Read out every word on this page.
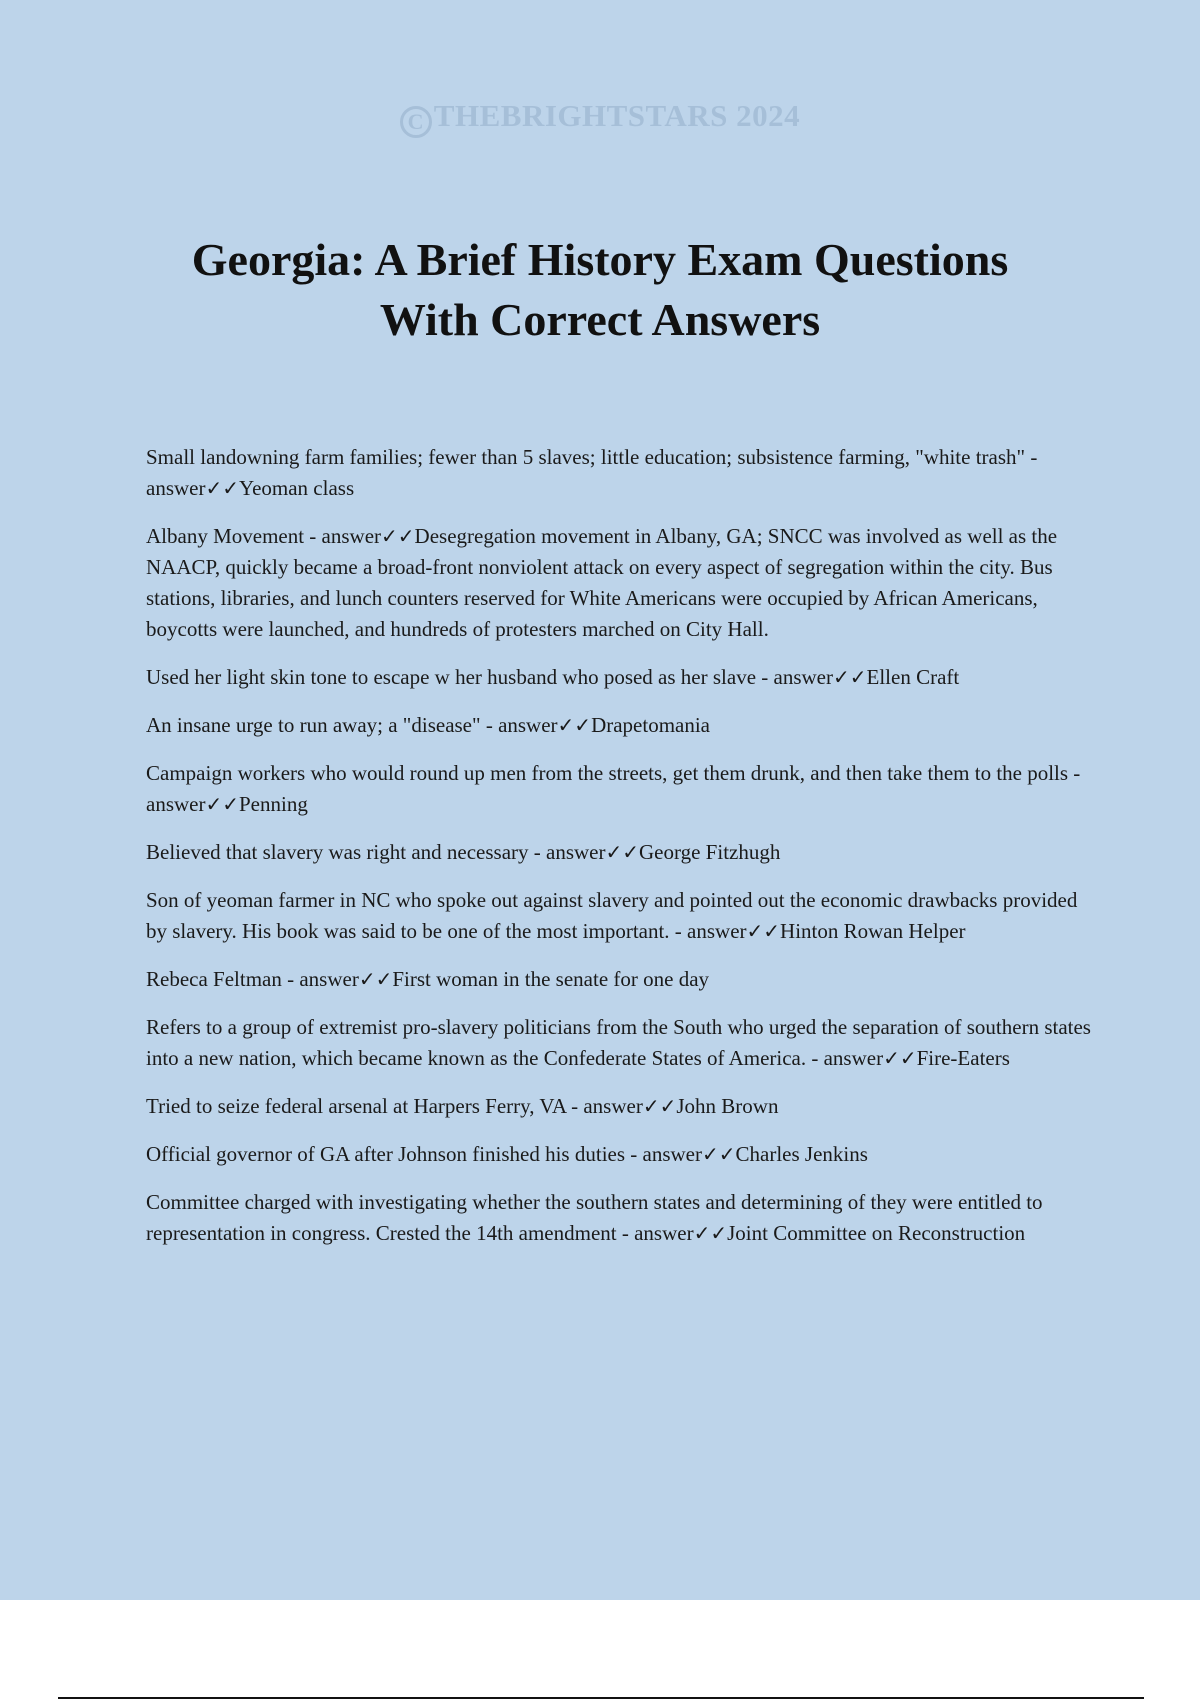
C THEBRIGHTSTARS 2024
Georgia: A Brief History Exam Questions
With Correct Answers
Small landowning farm families; fewer than 5 slaves; little education; subsistence farming, "white trash" - answer✓✓Yeoman class
Albany Movement - answer✓✓Desegregation movement in Albany, GA; SNCC was involved as well as the NAACP, quickly became a broad-front nonviolent attack on every aspect of segregation within the city. Bus stations, libraries, and lunch counters reserved for White Americans were occupied by African Americans, boycotts were launched, and hundreds of protesters marched on City Hall.
Used her light skin tone to escape w her husband who posed as her slave - answer✓✓Ellen Craft
An insane urge to run away; a "disease" - answer✓✓Drapetomania
Campaign workers who would round up men from the streets, get them drunk, and then take them to the polls - answer✓✓Penning
Believed that slavery was right and necessary - answer✓✓George Fitzhugh
Son of yeoman farmer in NC who spoke out against slavery and pointed out the economic drawbacks provided by slavery. His book was said to be one of the most important. - answer✓✓Hinton Rowan Helper
Rebeca Feltman - answer✓✓First woman in the senate for one day
Refers to a group of extremist pro-slavery politicians from the South who urged the separation of southern states into a new nation, which became known as the Confederate States of America. - answer✓✓Fire-Eaters
Tried to seize federal arsenal at Harpers Ferry, VA - answer✓✓John Brown
Official governor of GA after Johnson finished his duties - answer✓✓Charles Jenkins
Committee charged with investigating whether the southern states and determining of they were entitled to representation in congress. Crested the 14th amendment - answer✓✓Joint Committee on Reconstruction
